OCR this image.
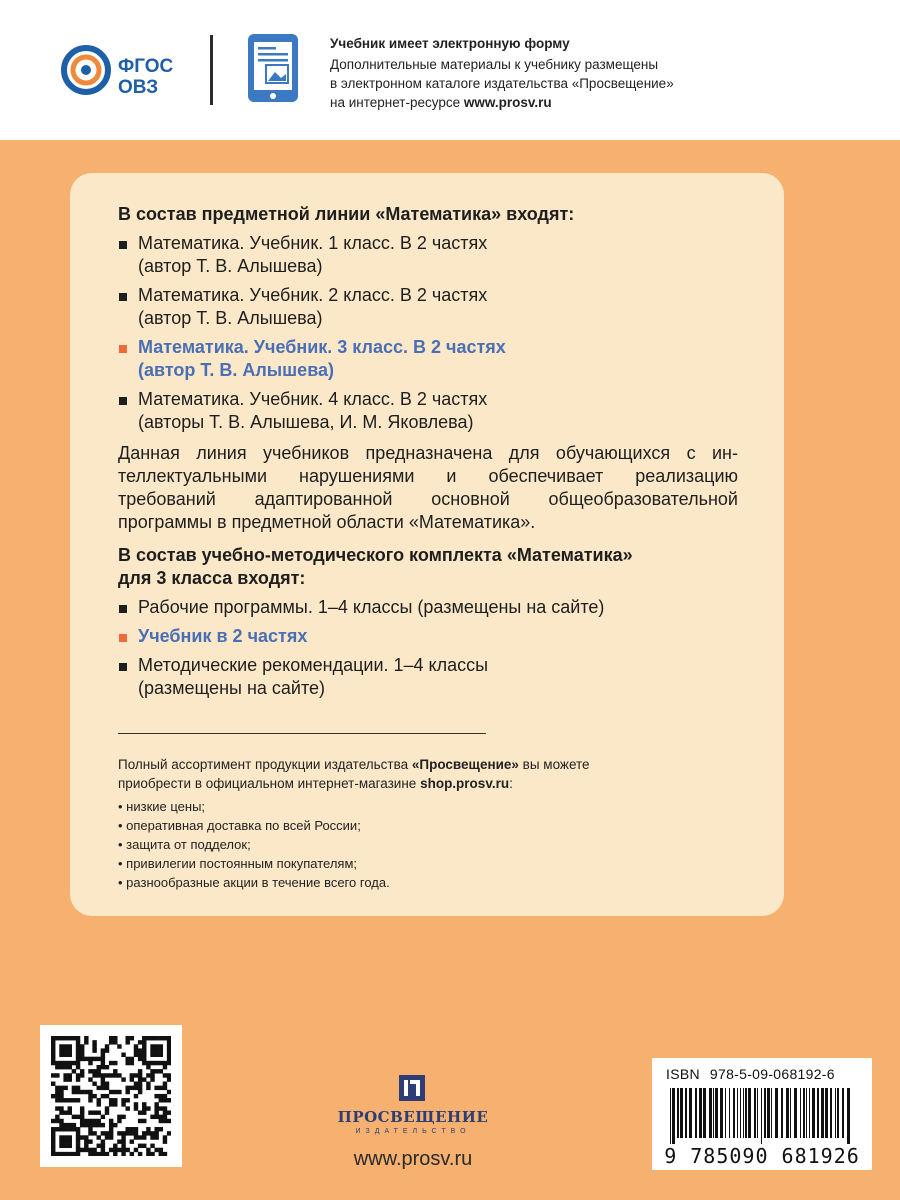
ФГОС
ОВЗ
Учебник имеет электронную форму
Дополнительные материалы к учебнику размещены
в электронном каталоге издательства «Просвещение»
на интернет-ресурсе www.prosv.ru

В состав предметной линии «Математика» входят:

Математика. Учебник. 1 класс. В 2 частях
(автор Т. В. Алышева)
Математика. Учебник. 2 класс. В 2 частях
(автор Т. В. Алышева)
Математика. Учебник. 3 класс. В 2 частях
(автор Т. В. Алышева)
Математика. Учебник. 4 класс. В 2 частях
(авторы Т. В. Алышева, И. М. Яковлева)
Данная линия учебников предназначена для обучающихся с ин-
теллектуальными нарушениями и обеспечивает реализацию
требований адаптированной основной общеобразовательной
программы в предметной области «Математика».

В состав учебно-методического комплекта «Математика»
для 3 класса входят:

Рабочие программы. 1–4 классы (размещены на сайте)
Учебник в 2 частях
Методические рекомендации. 1–4 классы
(размещены на сайте)
Полный ассортимент продукции издательства «Просвещение» вы можете
приобрести в официальном интернет-магазине shop.prosv.ru:
• низкие цены;
• оперативная доставка по всей России;
• защита от подделок;
• привилегии постоянным покупателям;
• разнообразные акции в течение всего года.
ПРОСВЕЩЕНИЕ
ИЗДАТЕЛЬСТВО
www.prosv.ru
ISBN 978-5-09-068192-6
9 785090 681926
